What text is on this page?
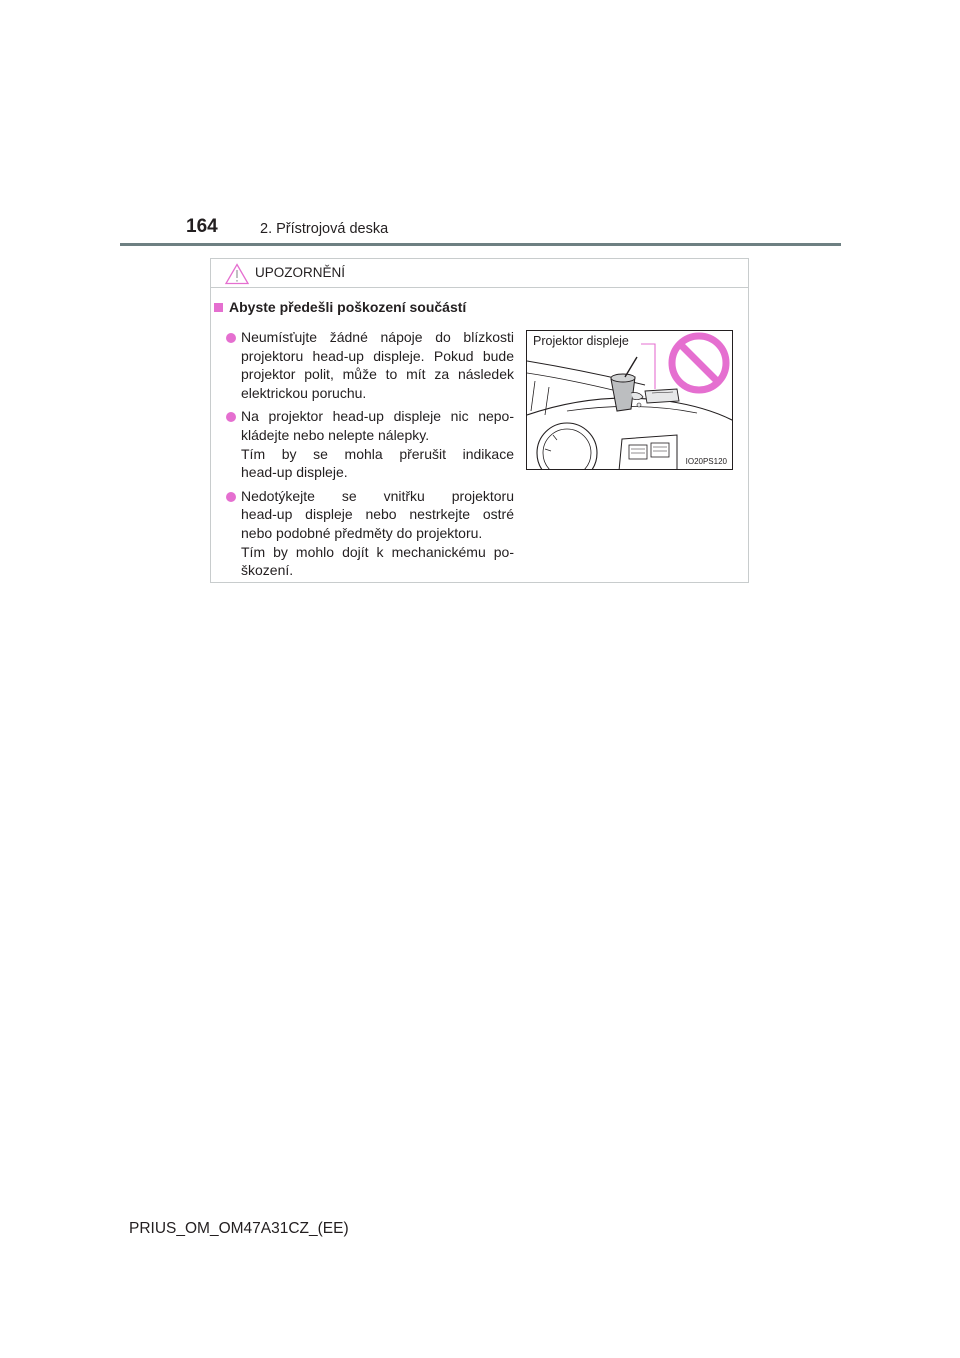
164	2. Přístrojová deska
UPOZORNĚNÍ
Abyste předešli poškození součástí
Neumísťujte žádné nápoje do blízkosti
projektoru head-up displeje. Pokud bude
projektor polit, může to mít za následek
elektrickou poruchu.
Na projektor head-up displeje nic nepo-
kládejte nebo nelepte nálepky.
Tím by se mohla přerušit indikace
head-up displeje.
Nedotýkejte se vnitřku projektoru
head-up displeje nebo nestrkejte ostré
nebo podobné předměty do projektoru.
Tím by mohlo dojít k mechanickému po-
škození.
Projektor displeje
IO20PS120
PRIUS_OM_OM47A31CZ_(EE)
